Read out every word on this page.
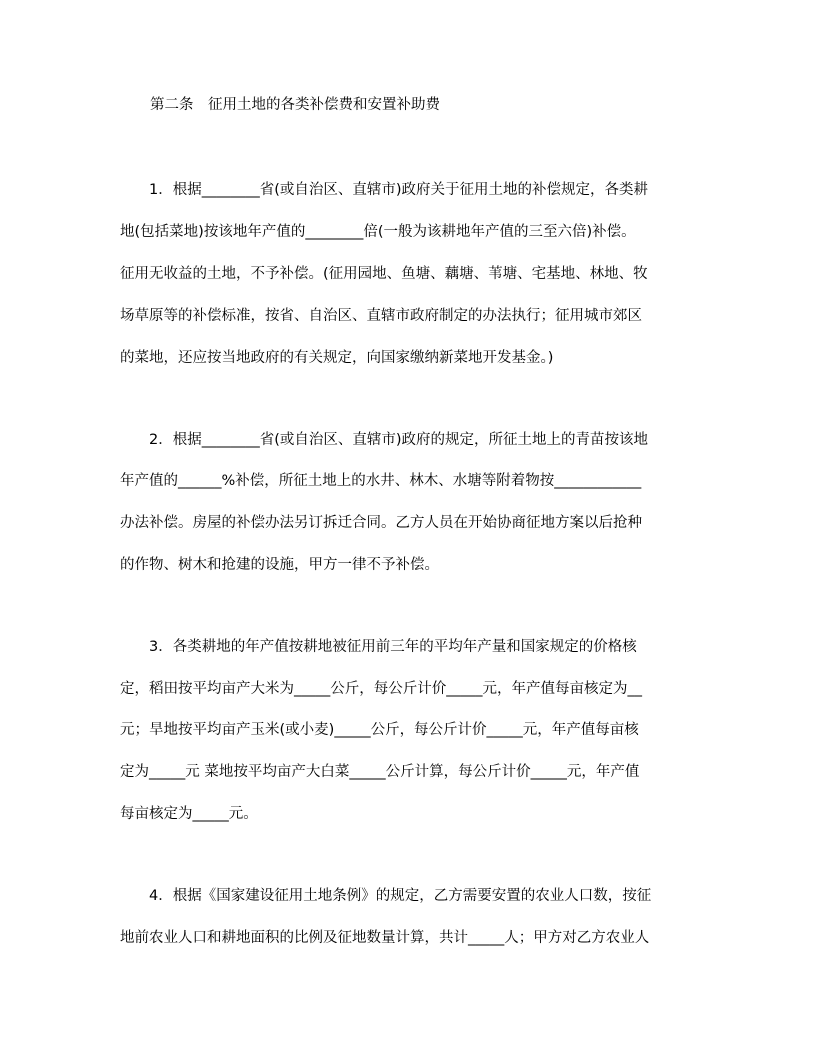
第二条　征用土地的各类补偿费和安置补助费
　　1．根据________省(或自治区、直辖市)政府关于征用土地的补偿规定，各类耕
地(包括菜地)按该地年产值的________倍(一般为该耕地年产值的三至六倍)补偿。
征用无收益的土地，不予补偿。(征用园地、鱼塘、藕塘、苇塘、宅基地、林地、牧
场草原等的补偿标准，按省、自治区、直辖市政府制定的办法执行；征用城市郊区
的菜地，还应按当地政府的有关规定，向国家缴纳新菜地开发基金。)
　　2．根据________省(或自治区、直辖市)政府的规定，所征土地上的青苗按该地
年产值的______%补偿，所征土地上的水井、林木、水塘等附着物按____________
办法补偿。房屋的补偿办法另订拆迁合同。乙方人员在开始协商征地方案以后抢种
的作物、树木和抢建的设施，甲方一律不予补偿。
　　3．各类耕地的年产值按耕地被征用前三年的平均年产量和国家规定的价格核
定，稻田按平均亩产大米为_____公斤，每公斤计价_____元，年产值每亩核定为__
元；旱地按平均亩产玉米(或小麦)_____公斤，每公斤计价_____元，年产值每亩核
定为_____元 菜地按平均亩产大白菜_____公斤计算，每公斤计价_____元，年产值
每亩核定为_____元。
　　4．根据《国家建设征用土地条例》的规定，乙方需要安置的农业人口数，按征
地前农业人口和耕地面积的比例及征地数量计算，共计_____人；甲方对乙方农业人
